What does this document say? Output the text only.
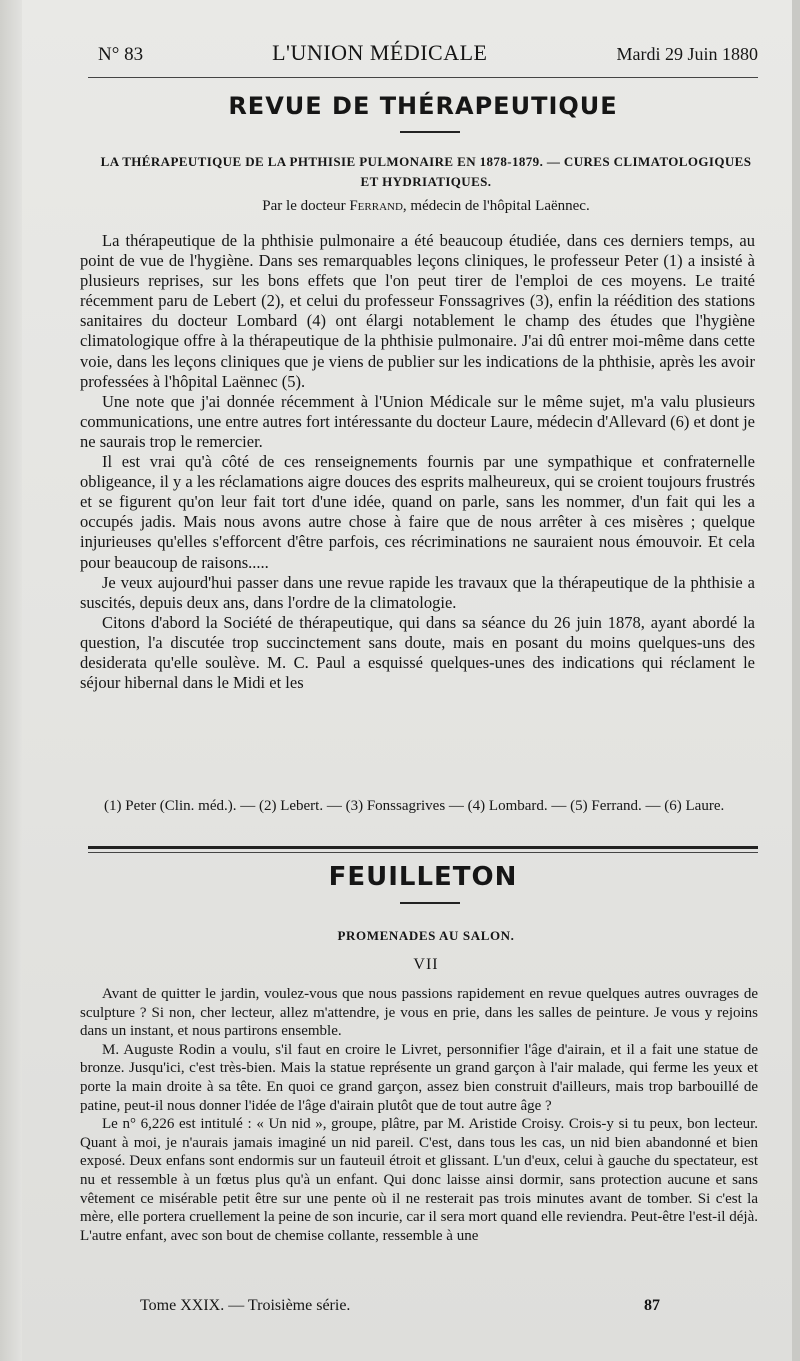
N° 83	L'UNION MÉDICALE	Mardi 29 Juin 1880
REVUE DE THÉRAPEUTIQUE
LA THÉRAPEUTIQUE DE LA PHTHISIE PULMONAIRE EN 1878-1879. — CURES CLIMATOLOGIQUES ET HYDRIATIQUES.
Par le docteur Ferrand, médecin de l'hôpital Laënnec.

La thérapeutique de la phthisie pulmonaire a été beaucoup étudiée, dans ces derniers temps, au point de vue de l'hygiène. Dans ses remarquables leçons cliniques, le professeur Peter (1) a insisté à plusieurs reprises, sur les bons effets que l'on peut tirer de l'emploi de ces moyens. Le traité récemment paru de Lebert (2), et celui du professeur Fonssagrives (3), enfin la réédition des stations sanitaires du docteur Lombard (4) ont élargi notablement le champ des études que l'hygiène climatologique offre à la thérapeutique de la phthisie pulmonaire. J'ai dû entrer moi-même dans cette voie, dans les leçons cliniques que je viens de publier sur les indications de la phthisie, après les avoir professées à l'hôpital Laënnec (5).

Une note que j'ai donnée récemment à l'Union Médicale sur le même sujet, m'a valu plusieurs communications, une entre autres fort intéressante du docteur Laure, médecin d'Allevard (6) et dont je ne saurais trop le remercier.

Il est vrai qu'à côté de ces renseignements fournis par une sympathique et confraternelle obligeance, il y a les réclamations aigre douces des esprits malheureux, qui se croient toujours frustrés et se figurent qu'on leur fait tort d'une idée, quand on parle, sans les nommer, d'un fait qui les a occupés jadis. Mais nous avons autre chose à faire que de nous arrêter à ces misères ; quelque injurieuses qu'elles s'efforcent d'être parfois, ces récriminations ne sauraient nous émouvoir. Et cela pour beaucoup de raisons.....

Je veux aujourd'hui passer dans une revue rapide les travaux que la thérapeutique de la phthisie a suscités, depuis deux ans, dans l'ordre de la climatologie.

Citons d'abord la Société de thérapeutique, qui dans sa séance du 26 juin 1878, ayant abordé la question, l'a discutée trop succinctement sans doute, mais en posant du moins quelques-uns des desiderata qu'elle soulève. M. C. Paul a esquissé quelques-unes des indications qui réclament le séjour hibernal dans le Midi et les

(1) Peter (Clin. méd.). — (2) Lebert. — (3) Fonssagrives — (4) Lombard. — (5) Ferrand. — (6) Laure.
FEUILLETON
PROMENADES AU SALON.
VII

Avant de quitter le jardin, voulez-vous que nous passions rapidement en revue quelques autres ouvrages de sculpture ? Si non, cher lecteur, allez m'attendre, je vous en prie, dans les salles de peinture. Je vous y rejoins dans un instant, et nous partirons ensemble.

M. Auguste Rodin a voulu, s'il faut en croire le Livret, personnifier l'âge d'airain, et il a fait une statue de bronze. Jusqu'ici, c'est très-bien. Mais la statue représente un grand garçon à l'air malade, qui ferme les yeux et porte la main droite à sa tête. En quoi ce grand garçon, assez bien construit d'ailleurs, mais trop barbouillé de patine, peut-il nous donner l'idée de l'âge d'airain plutôt que de tout autre âge ?

Le n° 6,226 est intitulé : « Un nid », groupe, plâtre, par M. Aristide Croisy. Crois-y si tu peux, bon lecteur. Quant à moi, je n'aurais jamais imaginé un nid pareil. C'est, dans tous les cas, un nid bien abandonné et bien exposé. Deux enfans sont endormis sur un fauteuil étroit et glissant. L'un d'eux, celui à gauche du spectateur, est nu et ressemble à un fœtus plus qu'à un enfant. Qui donc laisse ainsi dormir, sans protection aucune et sans vêtement ce misérable petit être sur une pente où il ne resterait pas trois minutes avant de tomber. Si c'est la mère, elle portera cruellement la peine de son incurie, car il sera mort quand elle reviendra. Peut-être l'est-il déjà. L'autre enfant, avec son bout de chemise collante, ressemble à une

Tome XXIX. — Troisième série.	87
